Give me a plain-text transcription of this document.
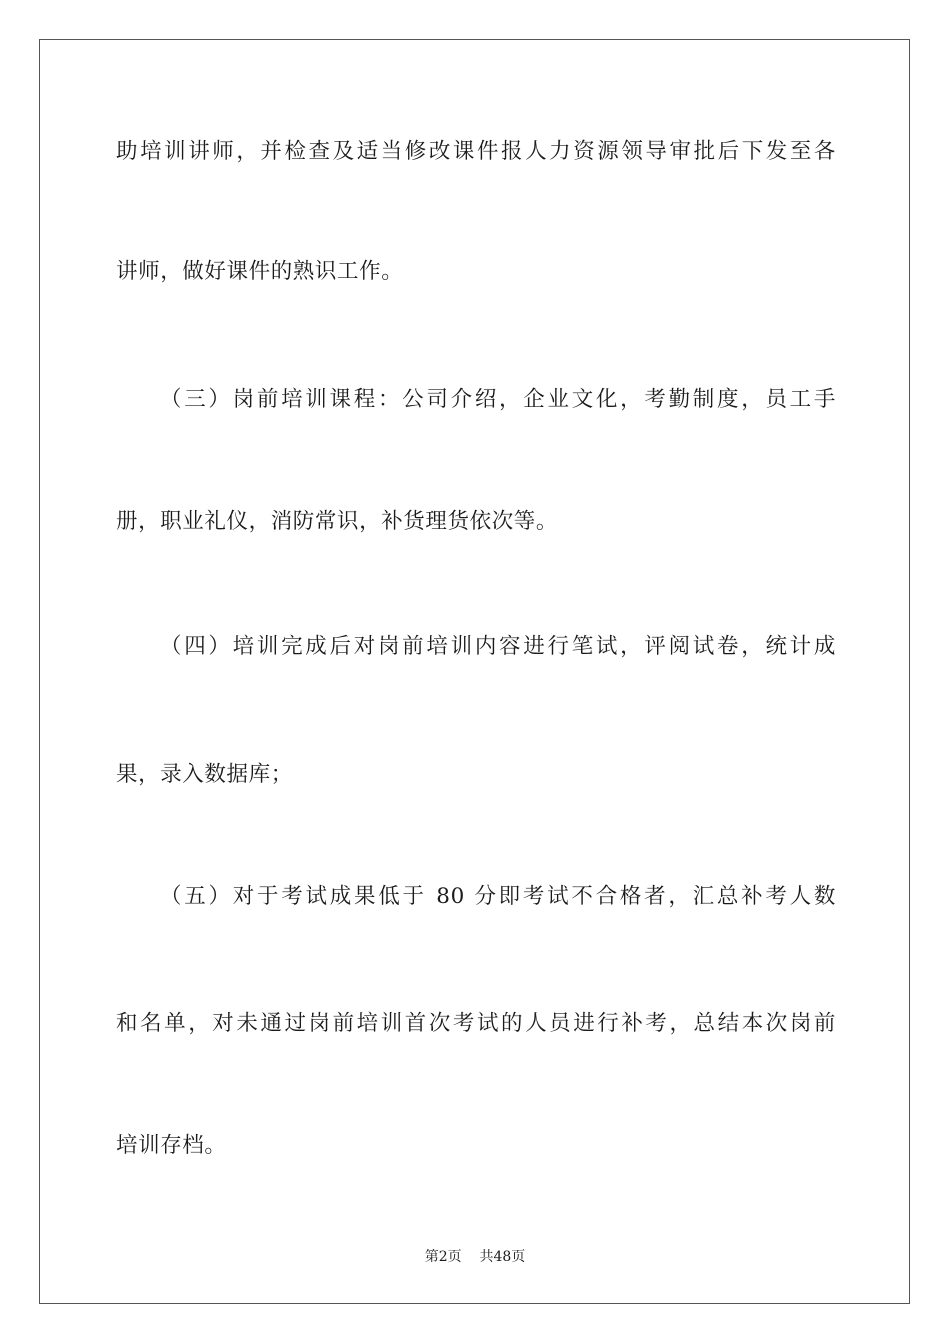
助培训讲师，并检查及适当修改课件报人力资源领导审批后下发至各
讲师，做好课件的熟识工作。
（三）岗前培训课程：公司介绍，企业文化，考勤制度，员工手
册，职业礼仪，消防常识，补货理货依次等。
（四）培训完成后对岗前培训内容进行笔试，评阅试卷，统计成
果，录入数据库；
（五）对于考试成果低于 80 分即考试不合格者，汇总补考人数
和名单，对未通过岗前培训首次考试的人员进行补考，总结本次岗前
培训存档。
第2页 共48页
